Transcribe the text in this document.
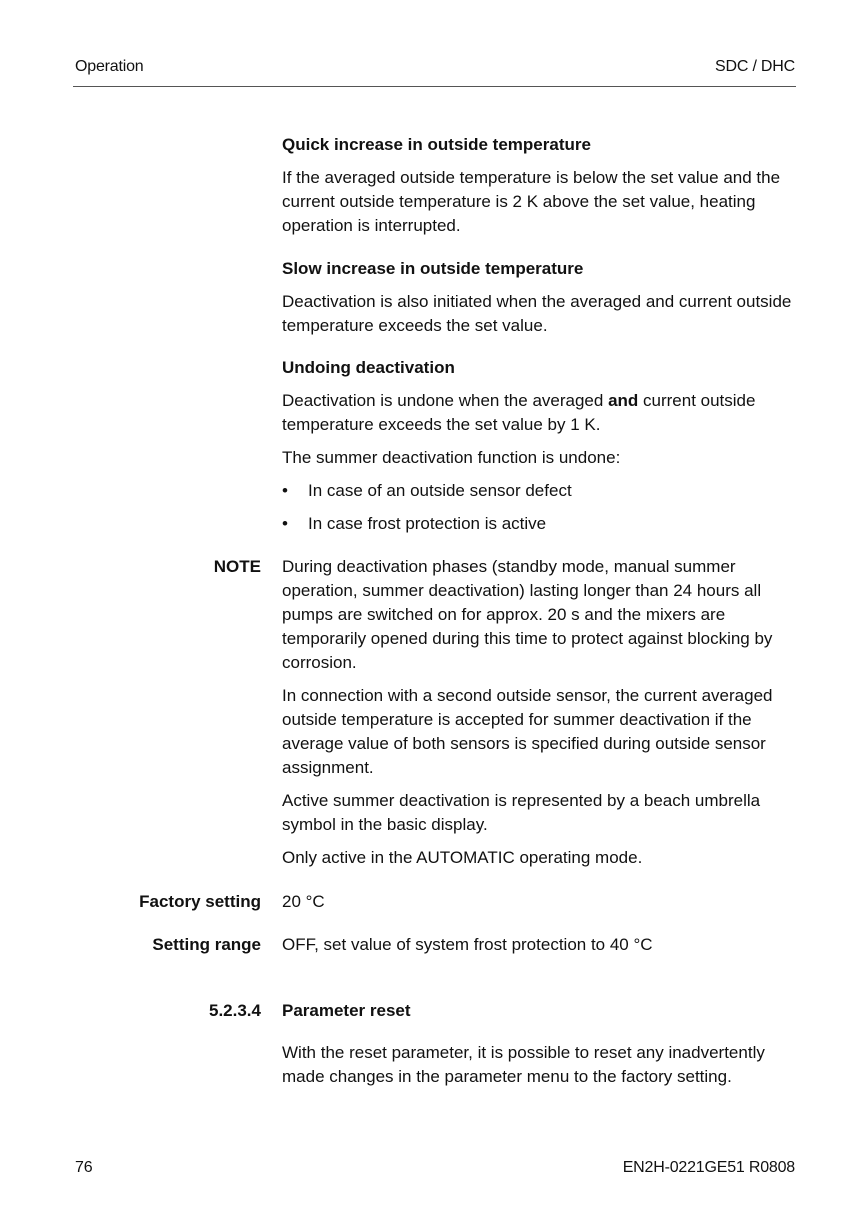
Operation	SDC / DHC

Quick increase in outside temperature

If the averaged outside temperature is below the set value and the current outside temperature is 2 K above the set value, heating operation is interrupted.

Slow increase in outside temperature

Deactivation is also initiated when the averaged and current outside temperature exceeds the set value.

Undoing deactivation

Deactivation is undone when the averaged and current outside temperature exceeds the set value by 1 K.

The summer deactivation function is undone:

• In case of an outside sensor defect
• In case frost protection is active
NOTE During deactivation phases (standby mode, manual summer operation, summer deactivation) lasting longer than 24 hours all pumps are switched on for approx. 20 s and the mixers are temporarily opened during this time to protect against blocking by corrosion.

In connection with a second outside sensor, the current averaged outside temperature is accepted for summer deactivation if the average value of both sensors is specified during outside sensor assignment.

Active summer deactivation is represented by a beach umbrella symbol in the basic display.

Only active in the AUTOMATIC operating mode.

Factory setting 20 °C
Setting range OFF, set value of system frost protection to 40 °C
5.2.3.4 Parameter reset
With the reset parameter, it is possible to reset any inadvertently made changes in the parameter menu to the factory setting.
76	EN2H-0221GE51 R0808
